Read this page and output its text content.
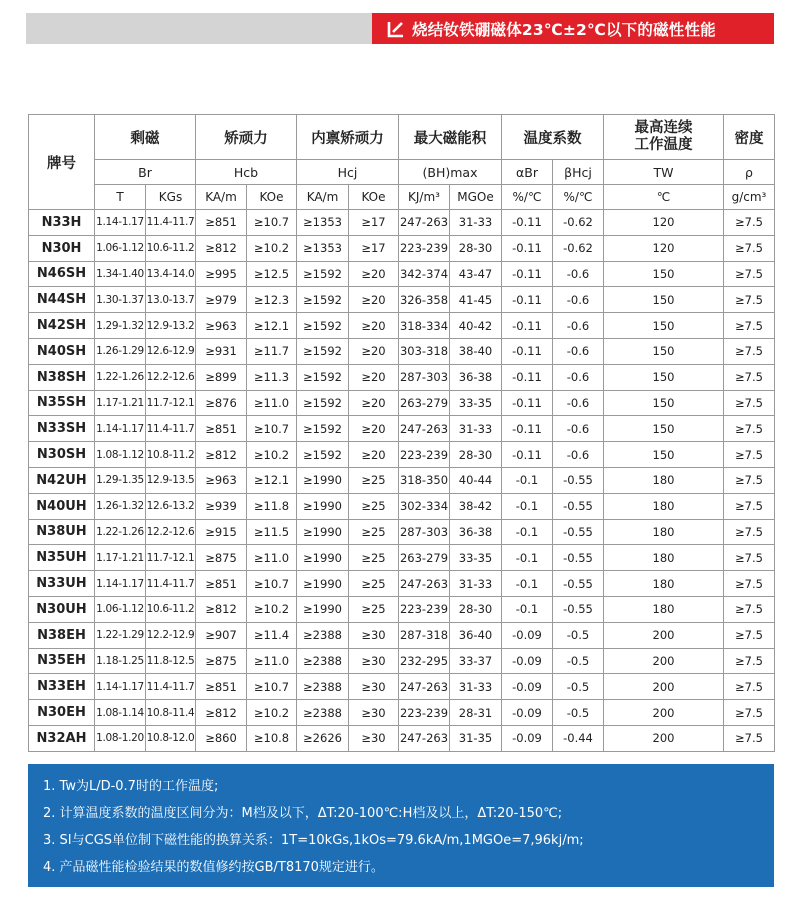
烧结钕铁硼磁体23℃±2℃以下的磁性性能
牌号	剩磁		矫顽力		内禀矫顽力		最大磁能积		温度系数		最高连续工作温度	密度
	Br		Hcb		Hcj		(BH)max		αBr	βHcj	TW	ρ
	T	KGs	KA/m	KOe	KA/m	KOe	KJ/m³	MGOe	%/℃	%/℃	℃	g/cm³
N33H	1.14-1.17	11.4-11.7	≥851	≥10.7	≥1353	≥17	247-263	31-33	-0.11	-0.62	120	≥7.5
N30H	1.06-1.12	10.6-11.2	≥812	≥10.2	≥1353	≥17	223-239	28-30	-0.11	-0.62	120	≥7.5
N46SH	1.34-1.40	13.4-14.0	≥995	≥12.5	≥1592	≥20	342-374	43-47	-0.11	-0.6	150	≥7.5
N44SH	1.30-1.37	13.0-13.7	≥979	≥12.3	≥1592	≥20	326-358	41-45	-0.11	-0.6	150	≥7.5
N42SH	1.29-1.32	12.9-13.2	≥963	≥12.1	≥1592	≥20	318-334	40-42	-0.11	-0.6	150	≥7.5
N40SH	1.26-1.29	12.6-12.9	≥931	≥11.7	≥1592	≥20	303-318	38-40	-0.11	-0.6	150	≥7.5
N38SH	1.22-1.26	12.2-12.6	≥899	≥11.3	≥1592	≥20	287-303	36-38	-0.11	-0.6	150	≥7.5
N35SH	1.17-1.21	11.7-12.1	≥876	≥11.0	≥1592	≥20	263-279	33-35	-0.11	-0.6	150	≥7.5
N33SH	1.14-1.17	11.4-11.7	≥851	≥10.7	≥1592	≥20	247-263	31-33	-0.11	-0.6	150	≥7.5
N30SH	1.08-1.12	10.8-11.2	≥812	≥10.2	≥1592	≥20	223-239	28-30	-0.11	-0.6	150	≥7.5
N42UH	1.29-1.35	12.9-13.5	≥963	≥12.1	≥1990	≥25	318-350	40-44	-0.1	-0.55	180	≥7.5
N40UH	1.26-1.32	12.6-13.2	≥939	≥11.8	≥1990	≥25	302-334	38-42	-0.1	-0.55	180	≥7.5
N38UH	1.22-1.26	12.2-12.6	≥915	≥11.5	≥1990	≥25	287-303	36-38	-0.1	-0.55	180	≥7.5
N35UH	1.17-1.21	11.7-12.1	≥875	≥11.0	≥1990	≥25	263-279	33-35	-0.1	-0.55	180	≥7.5
N33UH	1.14-1.17	11.4-11.7	≥851	≥10.7	≥1990	≥25	247-263	31-33	-0.1	-0.55	180	≥7.5
N30UH	1.06-1.12	10.6-11.2	≥812	≥10.2	≥1990	≥25	223-239	28-30	-0.1	-0.55	180	≥7.5
N38EH	1.22-1.29	12.2-12.9	≥907	≥11.4	≥2388	≥30	287-318	36-40	-0.09	-0.5	200	≥7.5
N35EH	1.18-1.25	11.8-12.5	≥875	≥11.0	≥2388	≥30	232-295	33-37	-0.09	-0.5	200	≥7.5
N33EH	1.14-1.17	11.4-11.7	≥851	≥10.7	≥2388	≥30	247-263	31-33	-0.09	-0.5	200	≥7.5
N30EH	1.08-1.14	10.8-11.4	≥812	≥10.2	≥2388	≥30	223-239	28-31	-0.09	-0.5	200	≥7.5
N32AH	1.08-1.20	10.8-12.0	≥860	≥10.8	≥2626	≥30	247-263	31-35	-0.09	-0.44	200	≥7.5
1. Tw为L/D-0.7时的工作温度;
2. 计算温度系数的温度区间分为：M档及以下，ΔT:20-100℃:H档及以上，ΔT:20-150℃;
3. SI与CGS单位制下磁性能的换算关系：1T=10kGs,1kOs=79.6kA/m,1MGOe=7,96kj/m;
4. 产品磁性能检验结果的数值修约按GB/T8170规定进行。
